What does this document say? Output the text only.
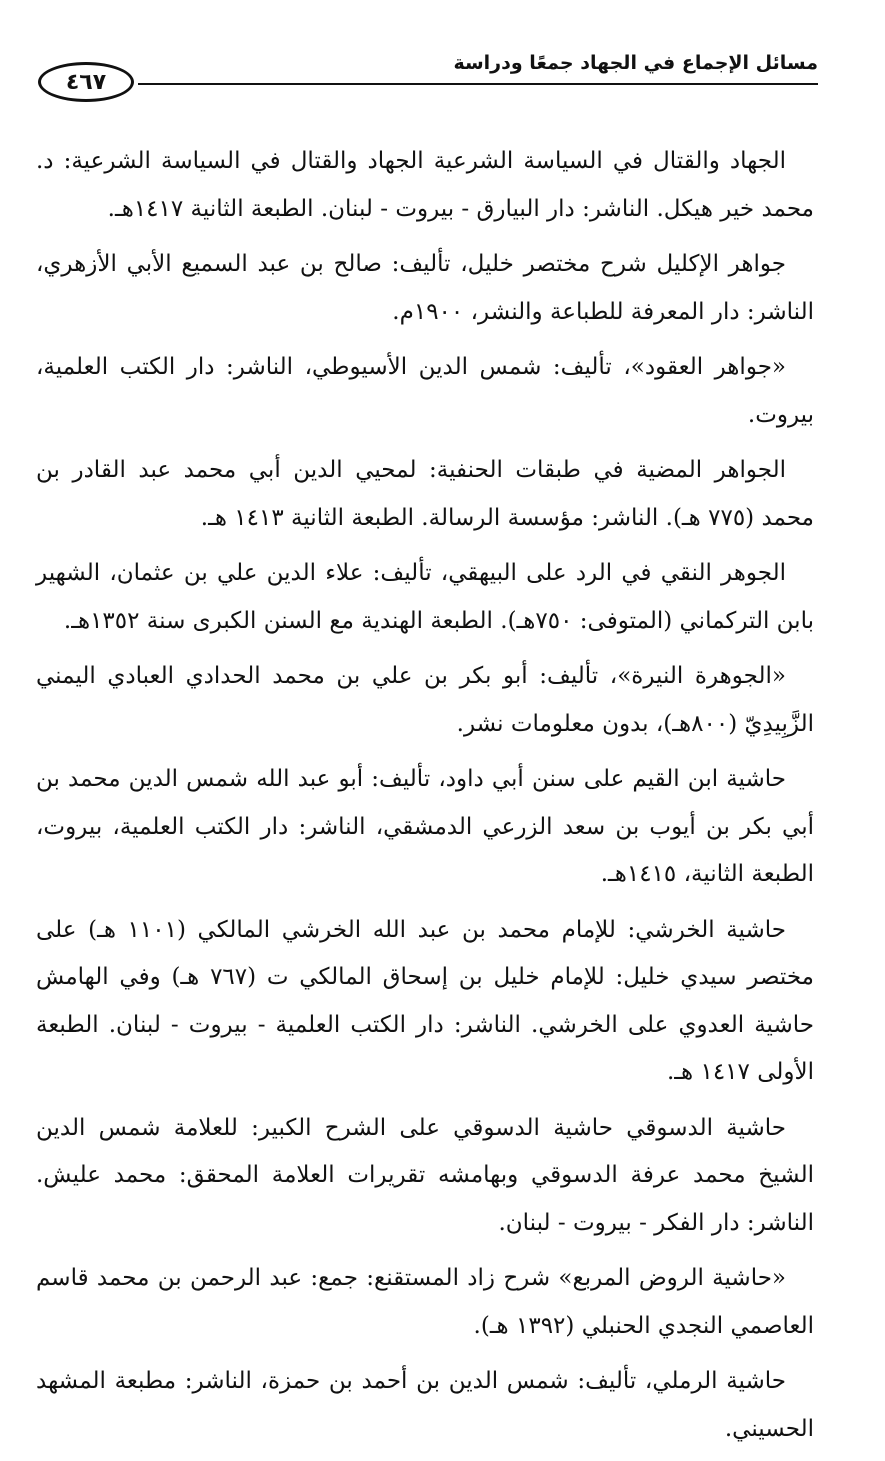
مسائل الإجماع في الجهاد جمعًا ودراسة
٤٦٧

الجهاد والقتال في السياسة الشرعية الجهاد والقتال في السياسة الشرعية: د. محمد خير هيكل. الناشر: دار البيارق - بيروت - لبنان. الطبعة الثانية ١٤١٧هـ.

جواهر الإكليل شرح مختصر خليل، تأليف: صالح بن عبد السميع الأبي الأزهري، الناشر: دار المعرفة للطباعة والنشر، ١٩٠٠م.

«جواهر العقود»، تأليف: شمس الدين الأسيوطي، الناشر: دار الكتب العلمية، بيروت.

الجواهر المضية في طبقات الحنفية: لمحيي الدين أبي محمد عبد القادر بن محمد (٧٧٥ هـ). الناشر: مؤسسة الرسالة. الطبعة الثانية ١٤١٣ هـ.

الجوهر النقي في الرد على البيهقي، تأليف: علاء الدين علي بن عثمان، الشهير بابن التركماني (المتوفى: ٧٥٠هـ). الطبعة الهندية مع السنن الكبرى سنة ١٣٥٢هـ.

«الجوهرة النيرة»، تأليف: أبو بكر بن علي بن محمد الحدادي العبادي اليمني الزَّبِيدِيّ (٨٠٠هـ)، بدون معلومات نشر.

حاشية ابن القيم على سنن أبي داود، تأليف: أبو عبد الله شمس الدين محمد بن أبي بكر بن أيوب بن سعد الزرعي الدمشقي، الناشر: دار الكتب العلمية، بيروت، الطبعة الثانية، ١٤١٥هـ.

حاشية الخرشي: للإمام محمد بن عبد الله الخرشي المالكي (١١٠١ هـ) على مختصر سيدي خليل: للإمام خليل بن إسحاق المالكي ت (٧٦٧ هـ) وفي الهامش حاشية العدوي على الخرشي. الناشر: دار الكتب العلمية - بيروت - لبنان. الطبعة الأولى ١٤١٧ هـ.

حاشية الدسوقي حاشية الدسوقي على الشرح الكبير: للعلامة شمس الدين الشيخ محمد عرفة الدسوقي وبهامشه تقريرات العلامة المحقق: محمد عليش. الناشر: دار الفكر - بيروت - لبنان.

«حاشية الروض المربع» شرح زاد المستقنع: جمع: عبد الرحمن بن محمد قاسم العاصمي النجدي الحنبلي (١٣٩٢ هـ).

حاشية الرملي، تأليف: شمس الدين بن أحمد بن حمزة، الناشر: مطبعة المشهد الحسيني.
